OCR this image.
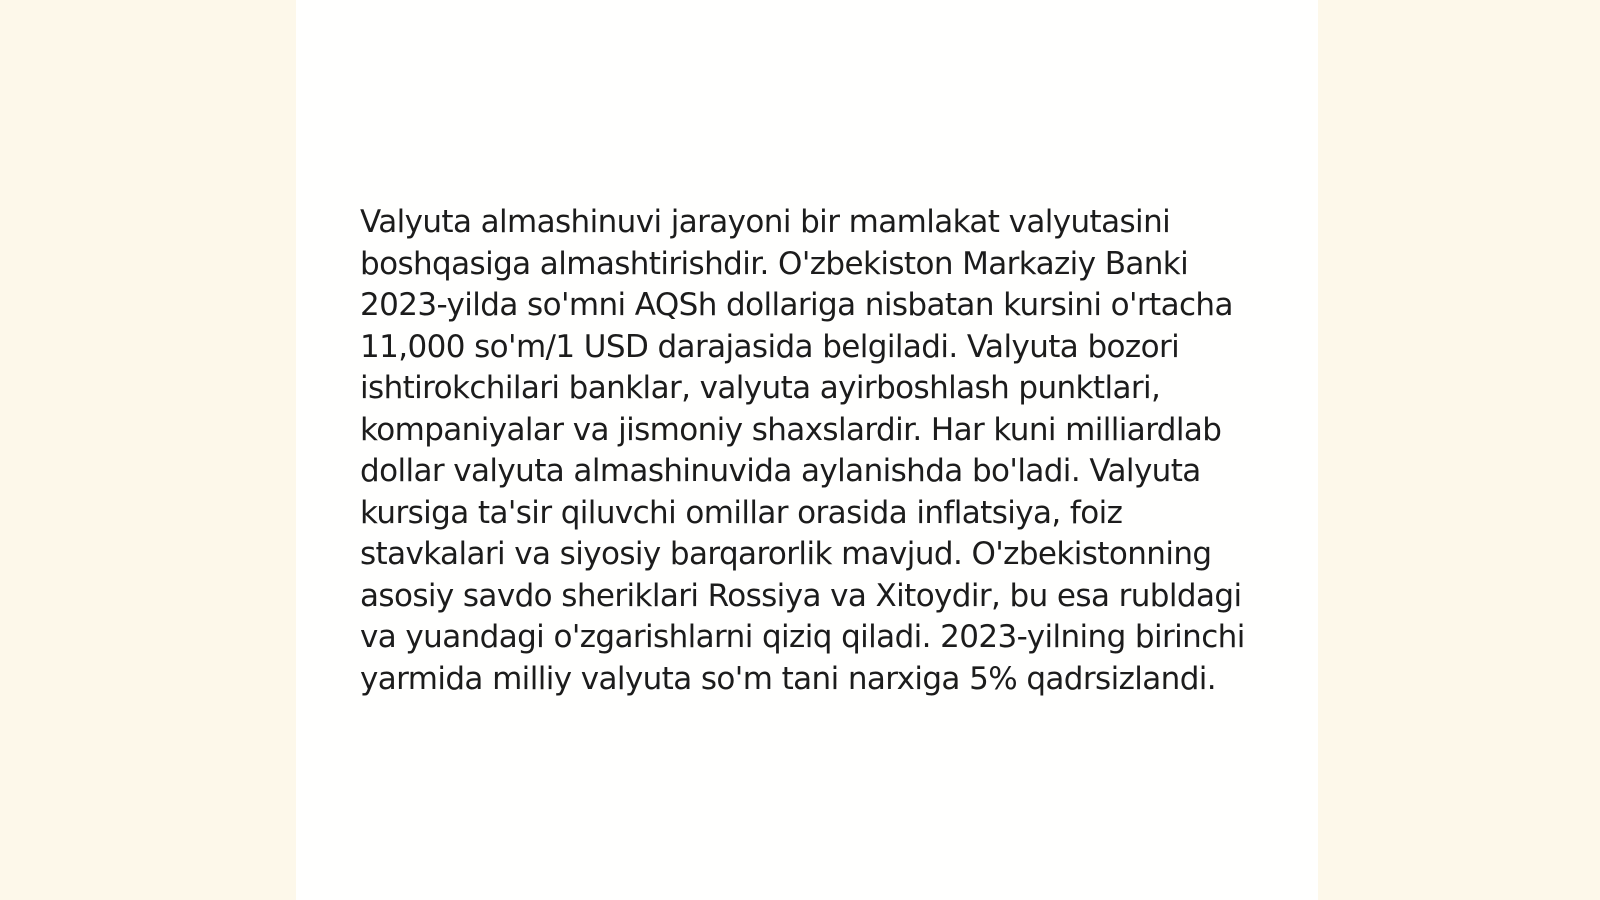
Valyuta almashinuvi jarayoni bir mamlakat valyutasini boshqasiga almashtirishdir. O'zbekiston Markaziy Banki 2023-yilda so'mni AQSh dollariga nisbatan kursini o'rtacha 11,000 so'm/1 USD darajasida belgiladi. Valyuta bozori ishtirokchilari banklar, valyuta ayirboshlash punktlari, kompaniyalar va jismoniy shaxslardir. Har kuni milliardlab dollar valyuta almashinuvida aylanishda bo'ladi. Valyuta kursiga ta'sir qiluvchi omillar orasida inflatsiya, foiz stavkalari va siyosiy barqarorlik mavjud. O'zbekistonning asosiy savdo sheriklari Rossiya va Xitoydir, bu esa rubldagi va yuandagi o'zgarishlarni qiziq qiladi. 2023-yilning birinchi yarmida milliy valyuta so'm tani narxiga 5% qadrsizlandi.
